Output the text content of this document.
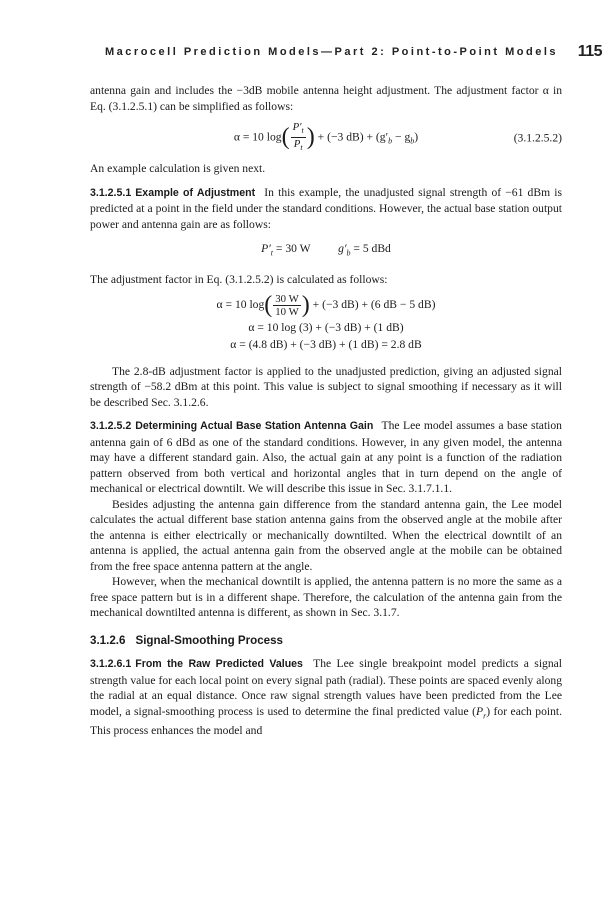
Macrocell Prediction Models—Part 2: Point-to-Point Models 115

antenna gain and includes the −3dB mobile antenna height adjustment. The adjustment factor α in Eq. (3.1.2.5.1) can be simplified as follows:

α = 10 $\log( \frac{P'_t}{P_t}$ ) + (−3 $dB) + (g'_b - g_b)$	(3.1.2.5.2)

An example calculation is given next.

3.1.2.5.1 Example of Adjustment In this example, the unadjusted signal strength of −61 dBm is predicted at a point in the field under the standard conditions. However, the actual base station output power and antenna gain are as follows:

$P'_t = 30$ W $g'_b = 5$ dBd

The adjustment factor in Eq. (3.1.2.5.2) is calculated as follows:

α = 10 $\log( \frac{30 W}{10 W}$ ) + (−3 dB) + (6 dB − 5 dB)
α = 10 log (3) + (−3 dB) + (1 dB)
α = (4.8 dB) + (−3 dB) + (1 dB) = 2.8 dB

The 2.8-dB adjustment factor is applied to the unadjusted prediction, giving an adjusted signal strength of −58.2 dBm at this point. This value is subject to signal smoothing if necessary as it will be described Sec. 3.1.2.6.

3.1.2.5.2 Determining Actual Base Station Antenna Gain The Lee model assumes a base station antenna gain of 6 dBd as one of the standard conditions. However, in any given model, the antenna may have a different standard gain. Also, the actual gain at any point is a function of the radiation pattern observed from both vertical and horizontal angles that in turn depend on the angle of mechanical or electrical downtilt. We will describe this issue in Sec. 3.1.7.1.1.

Besides adjusting the antenna gain difference from the standard antenna gain, the Lee model calculates the actual different base station antenna gains from the observed angle at the mobile after the antenna is either electrically or mechanically downtilted. When the electrical downtilt of an antenna is applied, the actual antenna gain from the observed angle at the mobile can be obtained from the free space antenna pattern at the angle.

However, when the mechanical downtilt is applied, the antenna pattern is no more the same as a free space pattern but is in a different shape. Therefore, the calculation of the antenna gain from the mechanical downtilted antenna is different, as shown in Sec. 3.1.7.

3.1.2.6 Signal-Smoothing Process

3.1.2.6.1 From the Raw Predicted Values The Lee single breakpoint model predicts a signal strength value for each local point on every signal path (radial). These points are spaced evenly along the radial at an equal distance. Once raw signal strength values have been predicted from the Lee model, a signal-smoothing process is used to determine the final predicted value $(P_r)$ for each point. This process enhances the model and
